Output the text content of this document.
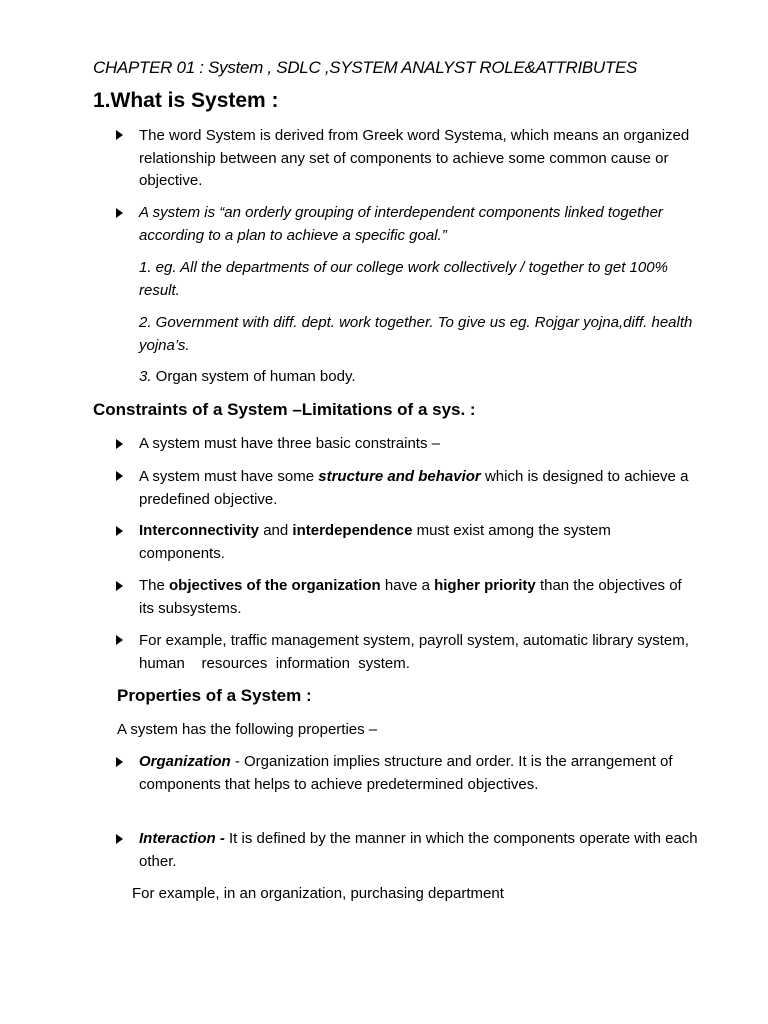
CHAPTER 01 : System , SDLC ,SYSTEM ANALYST ROLE&ATTRIBUTES
1.What is System :
The word System is derived from Greek word Systema, which means an organized relationship between any set of components to achieve some common cause or objective.
A system is “an orderly grouping of interdependent components linked together according to a plan to achieve a specific goal.”
1. eg. All the departments of our college work collectively / together to get 100% result.
2. Government with diff. dept. work together. To give us eg. Rojgar yojna,diff. health yojna’s.
3. Organ system of human body.
Constraints of a System –Limitations of a sys. :
A system must have three basic constraints –
A system must have some structure and behavior which is designed to achieve a predefined objective.
Interconnectivity and interdependence must exist among the system components.
The objectives of the organization have a higher priority than the objectives of its subsystems.
For example, traffic management system, payroll system, automatic library system, human    resources  information  system.
Properties of a System :
A system has the following properties –
Organization - Organization implies structure and order. It is the arrangement of components that helps to achieve predetermined objectives.
Interaction - It is defined by the manner in which the components operate with each other.
For example, in an organization, purchasing department
